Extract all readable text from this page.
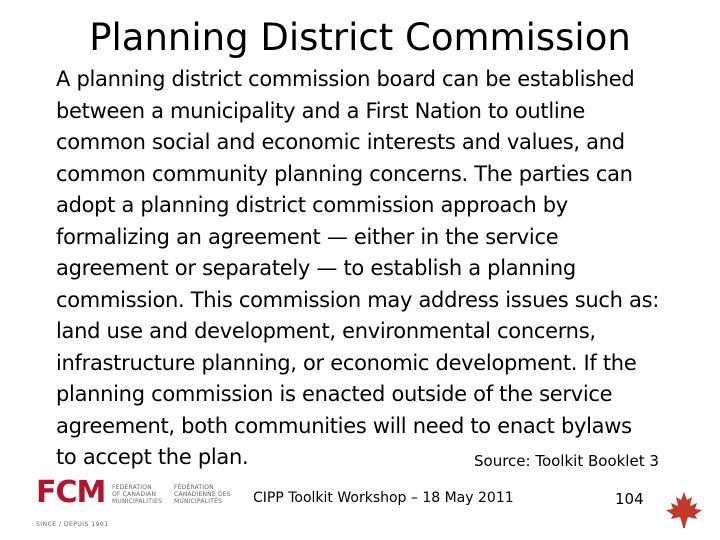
Planning District Commission
A planning district commission board can be established
between a municipality and a First Nation to outline
common social and economic interests and values, and
common community planning concerns. The parties can
adopt a planning district commission approach by
formalizing an agreement — either in the service
agreement or separately — to establish a planning
commission. This commission may address issues such as:
land use and development, environmental concerns,
infrastructure planning, or economic development. If the
planning commission is enacted outside of the service
agreement, both communities will need to enact bylaws
to accept the plan.	Source: Toolkit Booklet 3
FCM FEDERATION
OF CANADIAN
MUNICIPALITIES
FÉDÉRATION
CANADIENNE DES
MUNICIPALITÉS
SINCE / DEPUIS 1901
CIPP Toolkit Workshop – 18 May 2011	104
